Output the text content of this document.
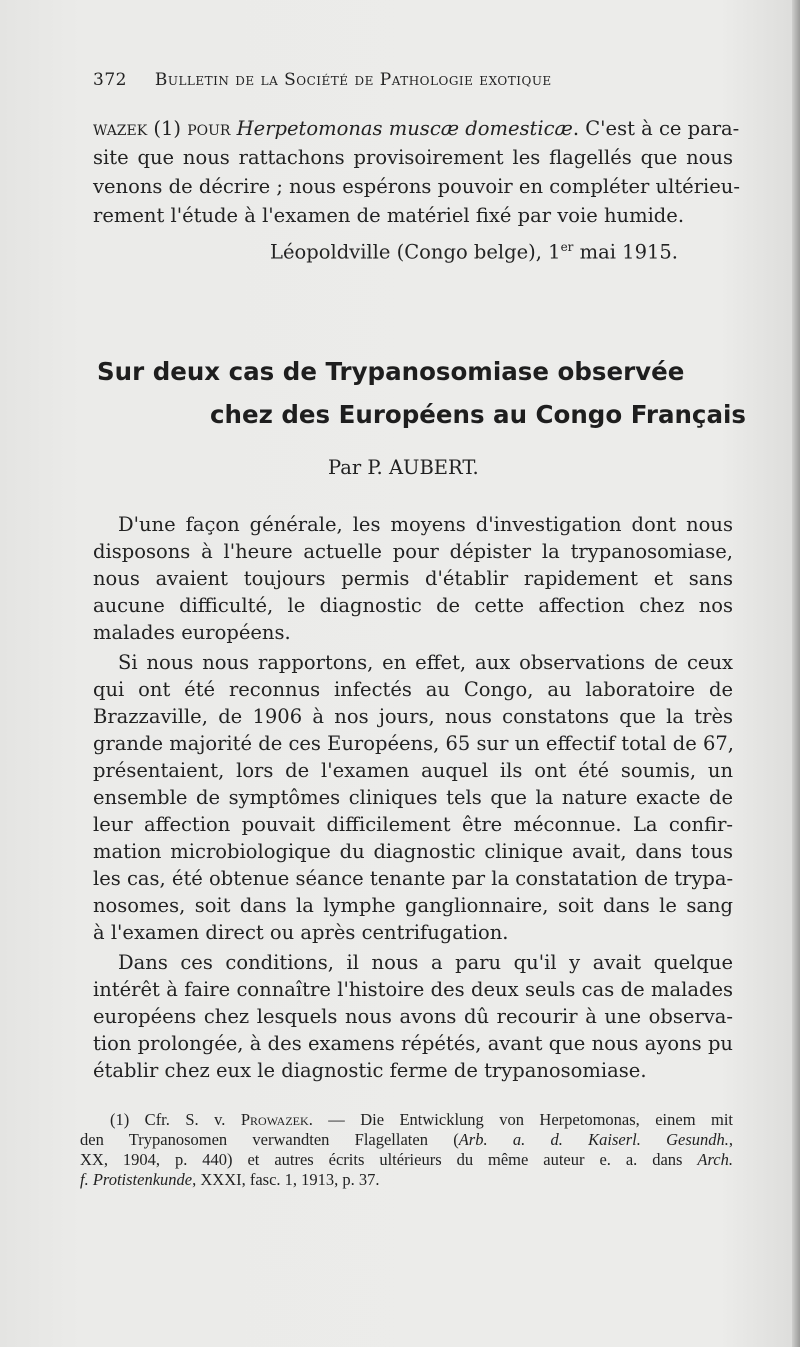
372 Bulletin de la Société de Pathologie exotique
wazek (1) pour Herpetomonas muscæ domesticæ. C'est à ce para-
site que nous rattachons provisoirement les flagellés que nous
venons de décrire ; nous espérons pouvoir en compléter ultérieu-
rement l'étude à l'examen de matériel fixé par voie humide.
Léopoldville (Congo belge), 1er mai 1915.
Sur deux cas de Trypanosomiase observée
chez des Européens au Congo Français
Par P. AUBERT.
D'une façon générale, les moyens d'investigation dont nous
disposons à l'heure actuelle pour dépister la trypanosomiase,
nous avaient toujours permis d'établir rapidement et sans
aucune difficulté, le diagnostic de cette affection chez nos
malades européens.
Si nous nous rapportons, en effet, aux observations de ceux
qui ont été reconnus infectés au Congo, au laboratoire de
Brazzaville, de 1906 à nos jours, nous constatons que la très
grande majorité de ces Européens, 65 sur un effectif total de 67,
présentaient, lors de l'examen auquel ils ont été soumis, un
ensemble de symptômes cliniques tels que la nature exacte de
leur affection pouvait difficilement être méconnue. La confir-
mation microbiologique du diagnostic clinique avait, dans tous
les cas, été obtenue séance tenante par la constatation de trypa-
nosomes, soit dans la lymphe ganglionnaire, soit dans le sang
à l'examen direct ou après centrifugation.
Dans ces conditions, il nous a paru qu'il y avait quelque
intérêt à faire connaître l'histoire des deux seuls cas de malades
européens chez lesquels nous avons dû recourir à une observa-
tion prolongée, à des examens répétés, avant que nous ayons pu
établir chez eux le diagnostic ferme de trypanosomiase.
(1) Cfr. S. v. Prowazek. — Die Entwicklung von Herpetomonas, einem mit
den Trypanosomen verwandten Flagellaten (Arb. a. d. Kaiserl. Gesundh.,
XX, 1904, p. 440) et autres écrits ultérieurs du même auteur e. a. dans Arch.
f. Protistenkunde, XXXI, fasc. 1, 1913, p. 37.
